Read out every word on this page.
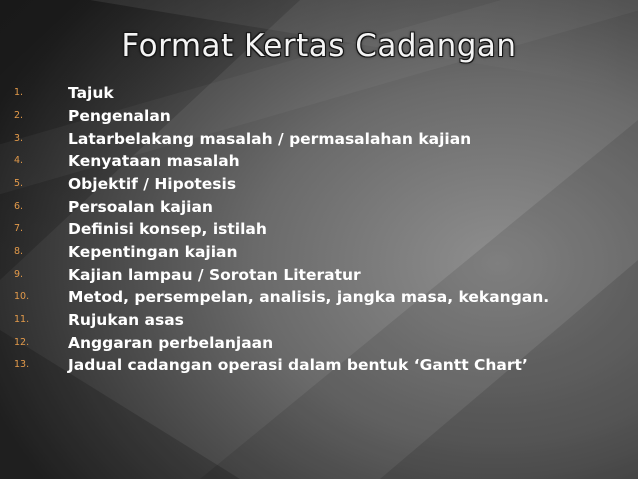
Format Kertas Cadangan
1.	Tajuk
2.	Pengenalan
3.	Latarbelakang masalah / permasalahan kajian
4.	Kenyataan masalah
5.	Objektif / Hipotesis
6.	Persoalan kajian
7.	Definisi konsep, istilah
8.	Kepentingan kajian
9.	Kajian lampau / Sorotan Literatur
10.	Metod, persempelan, analisis, jangka masa, kekangan.
11.	Rujukan asas
12.	Anggaran perbelanjaan
13.	Jadual cadangan operasi dalam bentuk ‘Gantt Chart’
